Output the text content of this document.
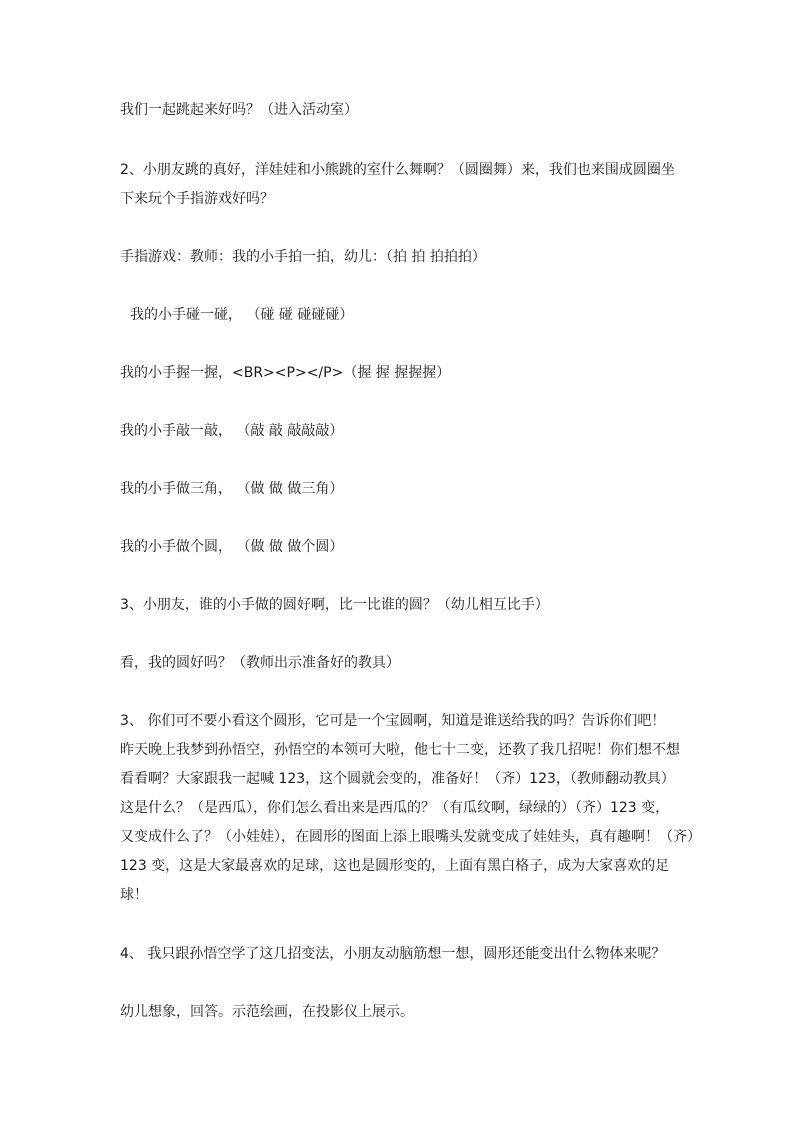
我们一起跳起来好吗？（进入活动室）
2、小朋友跳的真好，洋娃娃和小熊跳的室什么舞啊？（圆圈舞）来，我们也来围成圆圈坐
下来玩个手指游戏好吗？
手指游戏：教师：我的小手拍一拍，幼儿：（拍 拍 拍拍拍）
我的小手碰一碰， （碰 碰 碰碰碰）
我的小手握一握，<BR><P></P>（握 握 握握握）
我的小手敲一敲， （敲 敲 敲敲敲）
我的小手做三角， （做 做 做三角）
我的小手做个圆， （做 做 做个圆）
3、小朋友，谁的小手做的圆好啊，比一比谁的圆？（幼儿相互比手）
看，我的圆好吗？（教师出示准备好的教具）
3、 你们可不要小看这个圆形，它可是一个宝圆啊，知道是谁送给我的吗？告诉你们吧！
昨天晚上我梦到孙悟空，孙悟空的本领可大啦，他七十二变，还教了我几招呢！你们想不想
看看啊？大家跟我一起喊 123，这个圆就会变的，准备好！（齐）123，（教师翻动教具）
这是什么？（是西瓜），你们怎么看出来是西瓜的？（有瓜纹啊，绿绿的）（齐）123 变，
又变成什么了？（小娃娃），在圆形的图面上添上眼嘴头发就变成了娃娃头，真有趣啊！（齐）
123 变，这是大家最喜欢的足球，这也是圆形变的，上面有黑白格子，成为大家喜欢的足
球！
4、 我只跟孙悟空学了这几招变法，小朋友动脑筋想一想，圆形还能变出什么物体来呢？
幼儿想象，回答。示范绘画，在投影仪上展示。
